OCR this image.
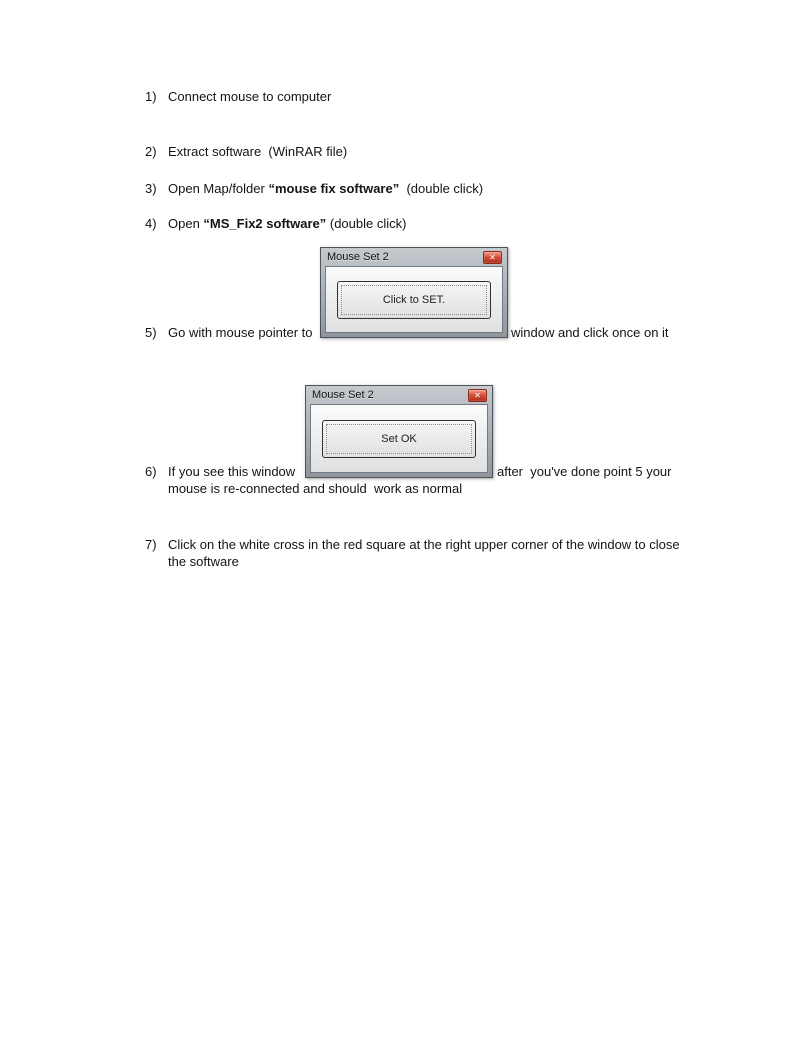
1) Connect mouse to computer
2) Extract software  (WinRAR file)
3) Open Map/folder “mouse fix software”  (double click)
4) Open “MS_Fix2 software” (double click)
Mouse Set 2	✕
Click to SET.
5) Go with mouse pointer to	window and click once on it
Mouse Set 2	✕
Set OK
6) If you see this window	after  you've done point 5 your
mouse is re-connected and should  work as normal
7) Click on the white cross in the red square at the right upper corner of the window to close
the software
